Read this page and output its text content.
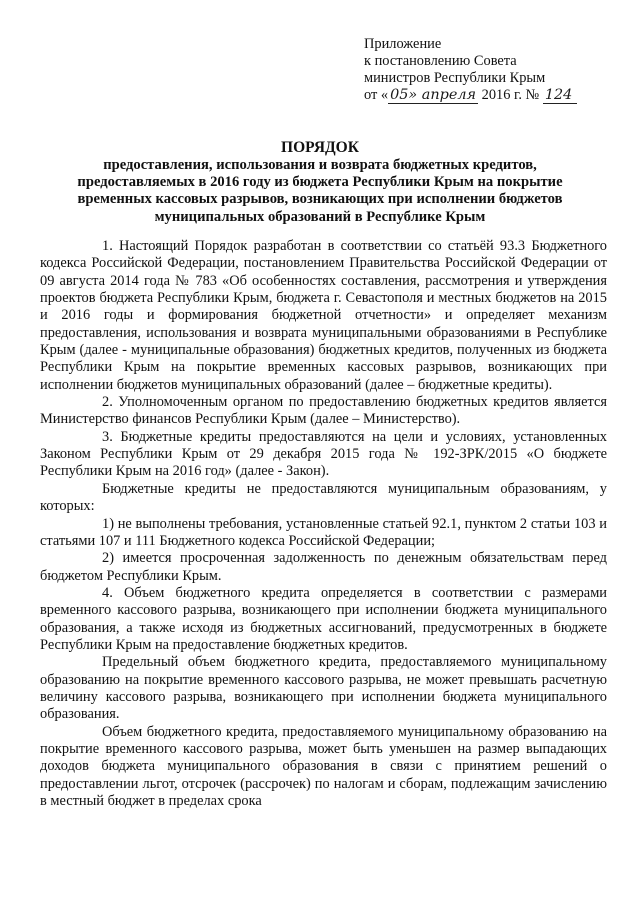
Приложение
к постановлению Совета
министров Республики Крым
от « 05» апреля 2016 г. № 124
ПОРЯДОК
предоставления, использования и возврата бюджетных кредитов,
предоставляемых в 2016 году из бюджета Республики Крым на покрытие
временных кассовых разрывов, возникающих при исполнении бюджетов
муниципальных образований в Республике Крым

1. Настоящий Порядок разработан в соответствии со статьёй 93.3 Бюджетного кодекса Российской Федерации, постановлением Правительства Российской Федерации от 09 августа 2014 года № 783 «Об особенностях составления, рассмотрения и утверждения проектов бюджета Республики Крым, бюджета г. Севастополя и местных бюджетов на 2015 и 2016 годы и формирования бюджетной отчетности» и определяет механизм предоставления, использования и возврата муниципальными образованиями в Республике Крым (далее - муниципальные образования) бюджетных кредитов, полученных из бюджета Республики Крым на покрытие временных кассовых разрывов, возникающих при исполнении бюджетов муниципальных образований (далее – бюджетные кредиты).

2. Уполномоченным органом по предоставлению бюджетных кредитов является Министерство финансов Республики Крым (далее – Министерство).

3. Бюджетные кредиты предоставляются на цели и условиях, установленных Законом Республики Крым от 29 декабря 2015 года № 192-ЗРК/2015 «О бюджете Республики Крым на 2016 год» (далее - Закон).

Бюджетные кредиты не предоставляются муниципальным образованиям, у которых:

1) не выполнены требования, установленные статьей 92.1, пунктом 2 статьи 103 и статьями 107 и 111 Бюджетного кодекса Российской Федерации;

2) имеется просроченная задолженность по денежным обязательствам перед бюджетом Республики Крым.

4. Объем бюджетного кредита определяется в соответствии с размерами временного кассового разрыва, возникающего при исполнении бюджета муниципального образования, а также исходя из бюджетных ассигнований, предусмотренных в бюджете Республики Крым на предоставление бюджетных кредитов.

Предельный объем бюджетного кредита, предоставляемого муниципальному образованию на покрытие временного кассового разрыва, не может превышать расчетную величину кассового разрыва, возникающего при исполнении бюджета муниципального образования.

Объем бюджетного кредита, предоставляемого муниципальному образованию на покрытие временного кассового разрыва, может быть уменьшен на размер выпадающих доходов бюджета муниципального образования в связи с принятием решений о предоставлении льгот, отсрочек (рассрочек) по налогам и сборам, подлежащим зачислению в местный бюджет в пределах срока
